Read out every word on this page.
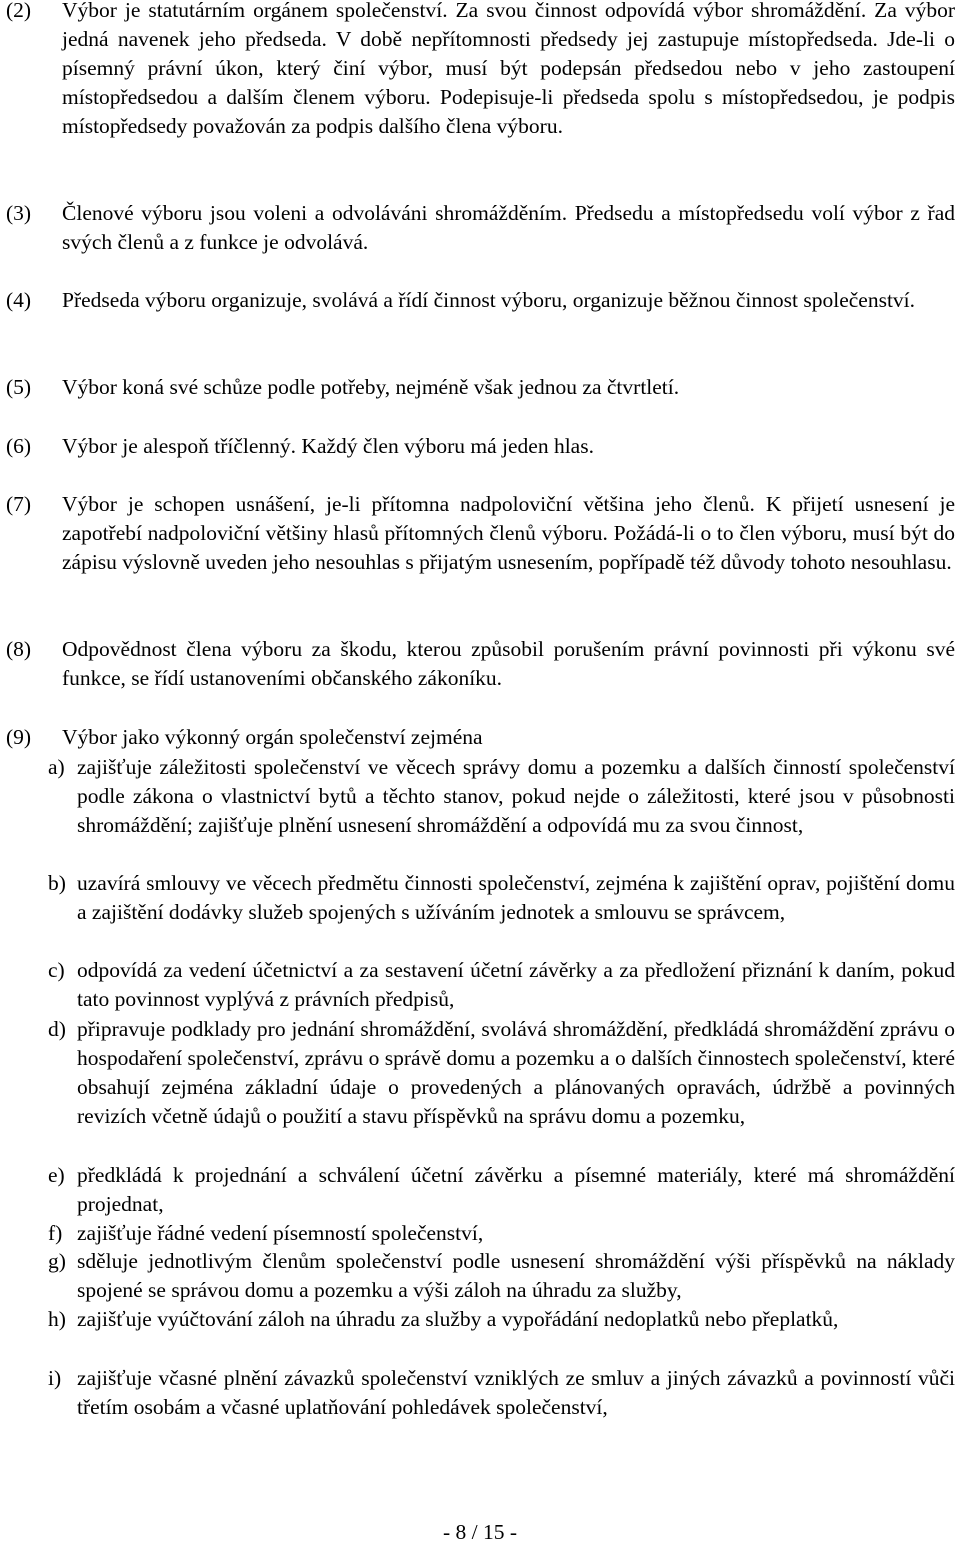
(2) Výbor je statutárním orgánem společenství. Za svou činnost odpovídá výbor shromáždění. Za výbor jedná navenek jeho předseda. V době nepřítomnosti předsedy jej zastupuje místopředseda. Jde-li o písemný právní úkon, který činí výbor, musí být podepsán předsedou nebo v jeho zastoupení místopředsedou a dalším členem výboru. Podepisuje-li předseda spolu s místopředsedou, je podpis místopředsedy považován za podpis dalšího člena výboru.
(3) Členové výboru jsou voleni a odvoláváni shromážděním. Předsedu a místopředsedu volí výbor z řad svých členů a z funkce je odvolává.
(4) Předseda výboru organizuje, svolává a řídí činnost výboru, organizuje běžnou činnost společenství.
(5) Výbor koná své schůze podle potřeby, nejméně však jednou za čtvrtletí.
(6) Výbor je alespoň tříčlenný. Každý člen výboru má jeden hlas.
(7) Výbor je schopen usnášení, je-li přítomna nadpoloviční většina jeho členů. K přijetí usnesení je zapotřebí nadpoloviční většiny hlasů přítomných členů výboru. Požádá-li o to člen výboru, musí být do zápisu výslovně uveden jeho nesouhlas s přijatým usnesením, popřípadě též důvody tohoto nesouhlasu.
(8) Odpovědnost člena výboru za škodu, kterou způsobil porušením právní povinnosti při výkonu své funkce, se řídí ustanoveními občanského zákoníku.
(9) Výbor jako výkonný orgán společenství zejména
a) zajišťuje záležitosti společenství ve věcech správy domu a pozemku a dalších činností společenství podle zákona o vlastnictví bytů a těchto stanov, pokud nejde o záležitosti, které jsou v působnosti shromáždění; zajišťuje plnění usnesení shromáždění a odpovídá mu za svou činnost,
b) uzavírá smlouvy ve věcech předmětu činnosti společenství, zejména k zajištění oprav, pojištění domu a zajištění dodávky služeb spojených s užíváním jednotek a smlouvu se správcem,
c) odpovídá za vedení účetnictví a za sestavení účetní závěrky a za předložení přiznání k daním, pokud tato povinnost vyplývá z právních předpisů,
d) připravuje podklady pro jednání shromáždění, svolává shromáždění, předkládá shromáždění zprávu o hospodaření společenství, zprávu o správě domu a pozemku a o dalších činnostech společenství, které obsahují zejména základní údaje o provedených a plánovaných opravách, údržbě a povinných revizích včetně údajů o použití a stavu příspěvků na správu domu a pozemku,
e) předkládá k projednání a schválení účetní závěrku a písemné materiály, které má shromáždění projednat,
f) zajišťuje řádné vedení písemností společenství,
g) sděluje jednotlivým členům společenství podle usnesení shromáždění výši příspěvků na náklady spojené se správou domu a pozemku a výši záloh na úhradu za služby,
h) zajišťuje vyúčtování záloh na úhradu za služby a vypořádání nedoplatků nebo přeplatků,
i) zajišťuje včasné plnění závazků společenství vzniklých ze smluv a jiných závazků a povinností vůči třetím osobám a včasné uplatňování pohledávek společenství,
- 8 / 15 -
